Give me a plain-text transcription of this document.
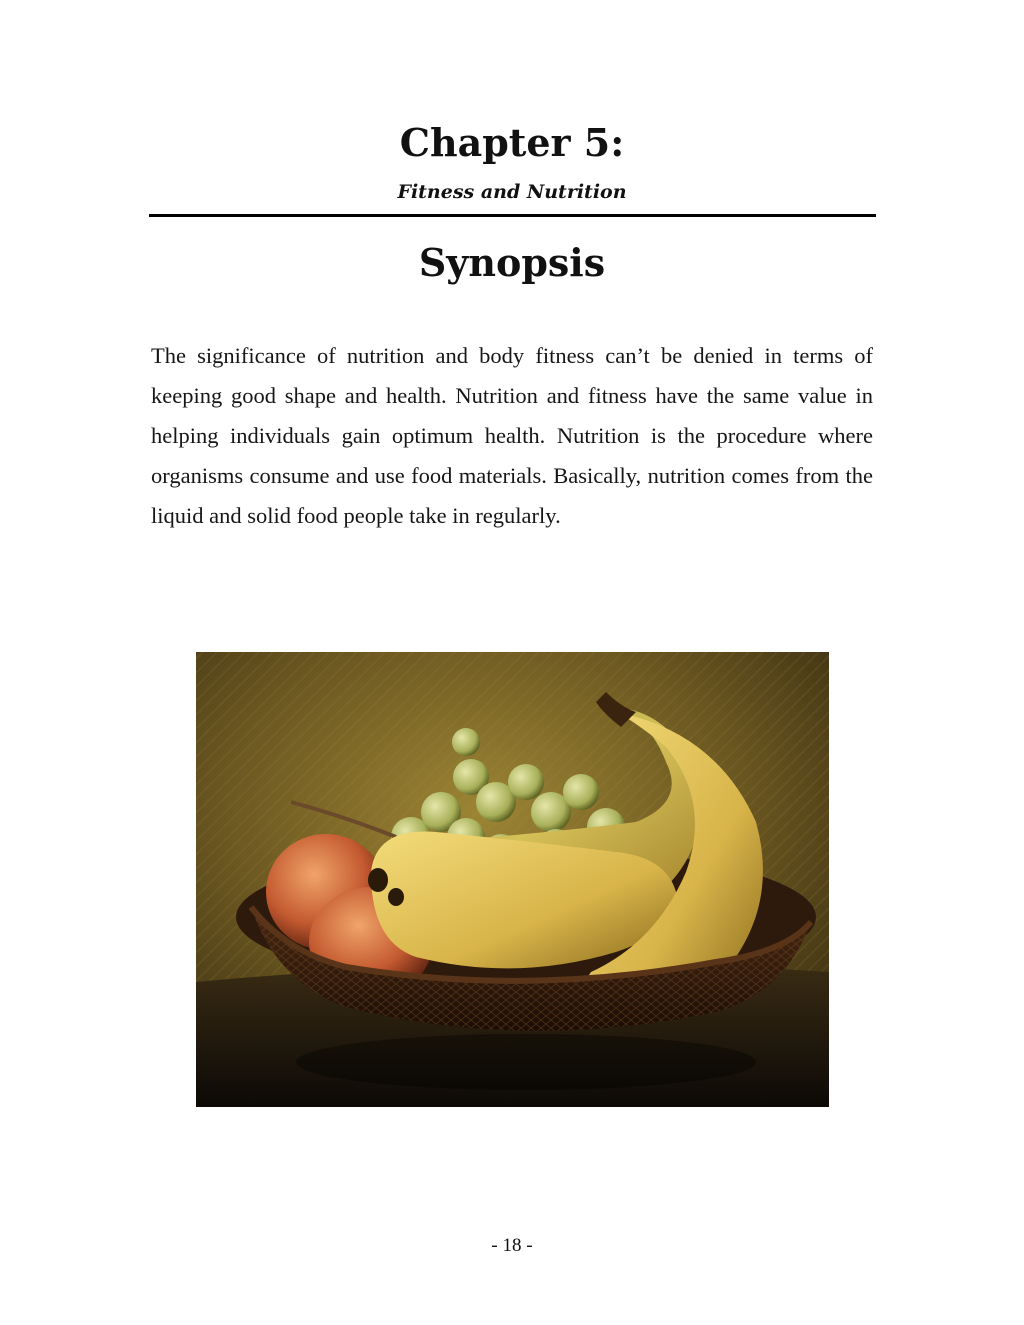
Chapter 5:
Fitness and Nutrition
Synopsis

The significance of nutrition and body fitness can’t be denied in terms of keeping good shape and health. Nutrition and fitness have the same value in helping individuals gain optimum health. Nutrition is the procedure where organisms consume and use food materials. Basically, nutrition comes from the liquid and solid food people take in regularly.

- 18 -
